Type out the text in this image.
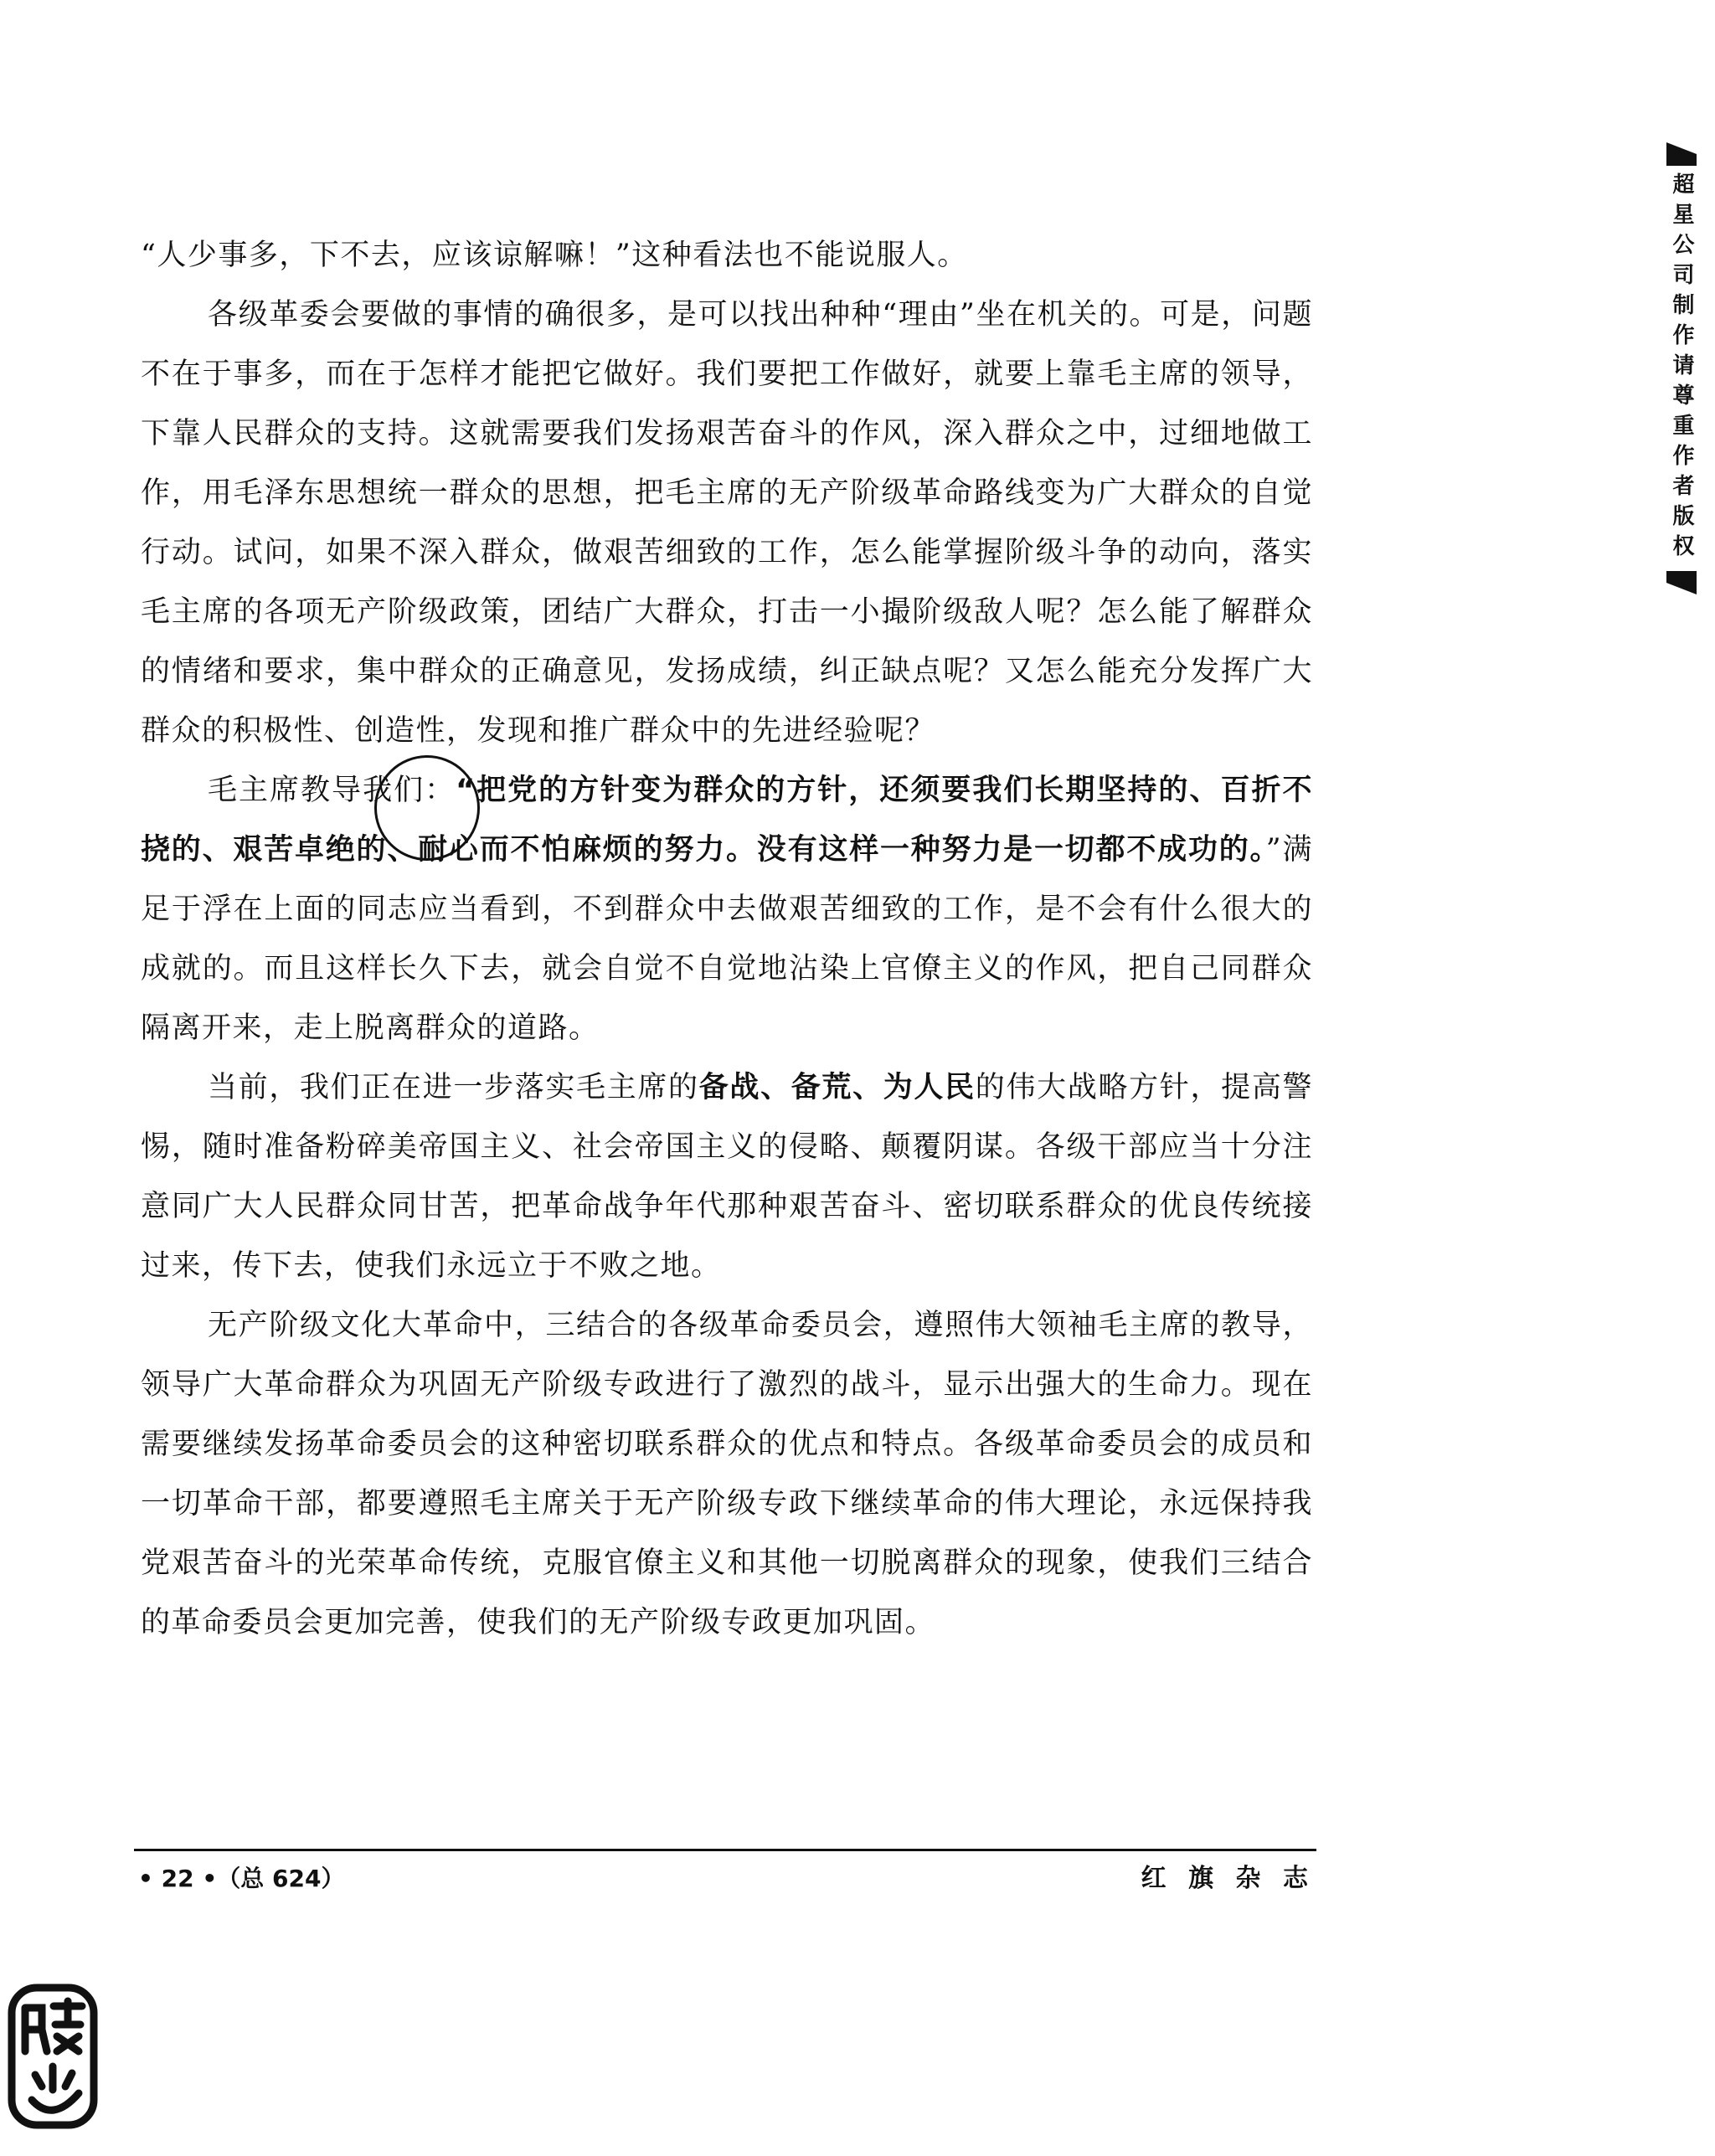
超星公司制作请尊重作者版权

“人少事多，下不去，应该谅解嘛！”这种看法也不能说服人。

各级革委会要做的事情的确很多，是可以找出种种“理由”坐在机关的。可是，问题不在于事多，而在于怎样才能把它做好。我们要把工作做好，就要上靠毛主席的领导，下靠人民群众的支持。这就需要我们发扬艰苦奋斗的作风，深入群众之中，过细地做工作，用毛泽东思想统一群众的思想，把毛主席的无产阶级革命路线变为广大群众的自觉行动。试问，如果不深入群众，做艰苦细致的工作，怎么能掌握阶级斗争的动向，落实毛主席的各项无产阶级政策，团结广大群众，打击一小撮阶级敌人呢？怎么能了解群众的情绪和要求，集中群众的正确意见，发扬成绩，纠正缺点呢？又怎么能充分发挥广大群众的积极性、创造性，发现和推广群众中的先进经验呢？

毛主席教导我们：“把党的方针变为群众的方针，还须要我们长期坚持的、百折不挠的、艰苦卓绝的、耐心而不怕麻烦的努力。没有这样一种努力是一切都不成功的。”满足于浮在上面的同志应当看到，不到群众中去做艰苦细致的工作，是不会有什么很大的成就的。而且这样长久下去，就会自觉不自觉地沾染上官僚主义的作风，把自己同群众隔离开来，走上脱离群众的道路。

当前，我们正在进一步落实毛主席的备战、备荒、为人民的伟大战略方针，提高警惕，随时准备粉碎美帝国主义、社会帝国主义的侵略、颠覆阴谋。各级干部应当十分注意同广大人民群众同甘苦，把革命战争年代那种艰苦奋斗、密切联系群众的优良传统接过来，传下去，使我们永远立于不败之地。

无产阶级文化大革命中，三结合的各级革命委员会，遵照伟大领袖毛主席的教导，领导广大革命群众为巩固无产阶级专政进行了激烈的战斗，显示出强大的生命力。现在需要继续发扬革命委员会的这种密切联系群众的优点和特点。各级革命委员会的成员和一切革命干部，都要遵照毛主席关于无产阶级专政下继续革命的伟大理论，永远保持我党艰苦奋斗的光荣革命传统，克服官僚主义和其他一切脱离群众的现象，使我们三结合的革命委员会更加完善，使我们的无产阶级专政更加巩固。

• 22 •（总 624）	红 旗 杂 志
